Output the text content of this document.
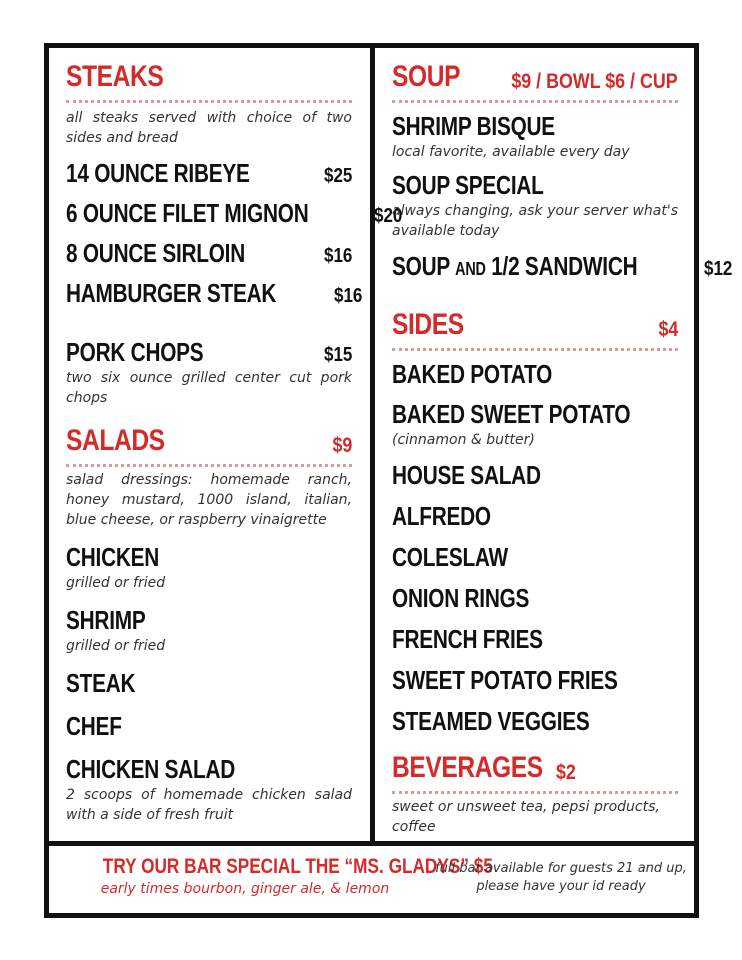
STEAKS
all steaks served with choice of two sides and bread
14 OUNCE RIBEYE	$25
6 OUNCE FILET MIGNON	$20
8 OUNCE SIRLOIN	$16
HAMBURGER STEAK	$16
PORK CHOPS	$15
two six ounce grilled center cut pork chops
SALADS	$9
salad dressings: homemade ranch, honey mustard, 1000 island, italian, blue cheese, or raspberry vinaigrette
CHICKEN
grilled or fried
SHRIMP
grilled or fried
STEAK
CHEF
CHICKEN SALAD
2 scoops of homemade chicken salad with a side of fresh fruit
SOUP $9 / BOWL $6 / CUP
SHRIMP BISQUE
local favorite, available every day
SOUP SPECIAL
always changing, ask your server what's available today
SOUP AND 1/2 SANDWICH	$12
SIDES	$4
BAKED POTATO
BAKED SWEET POTATO
(cinnamon & butter)
HOUSE SALAD
ALFREDO
COLESLAW
ONION RINGS
FRENCH FRIES
SWEET POTATO FRIES
STEAMED VEGGIES
BEVERAGES $2
sweet or unsweet tea, pepsi products, coffee
TRY OUR BAR SPECIAL THE “MS. GLADYS” $5
early times bourbon, ginger ale, & lemon
full bar available for guests 21 and up,
please have your id ready
